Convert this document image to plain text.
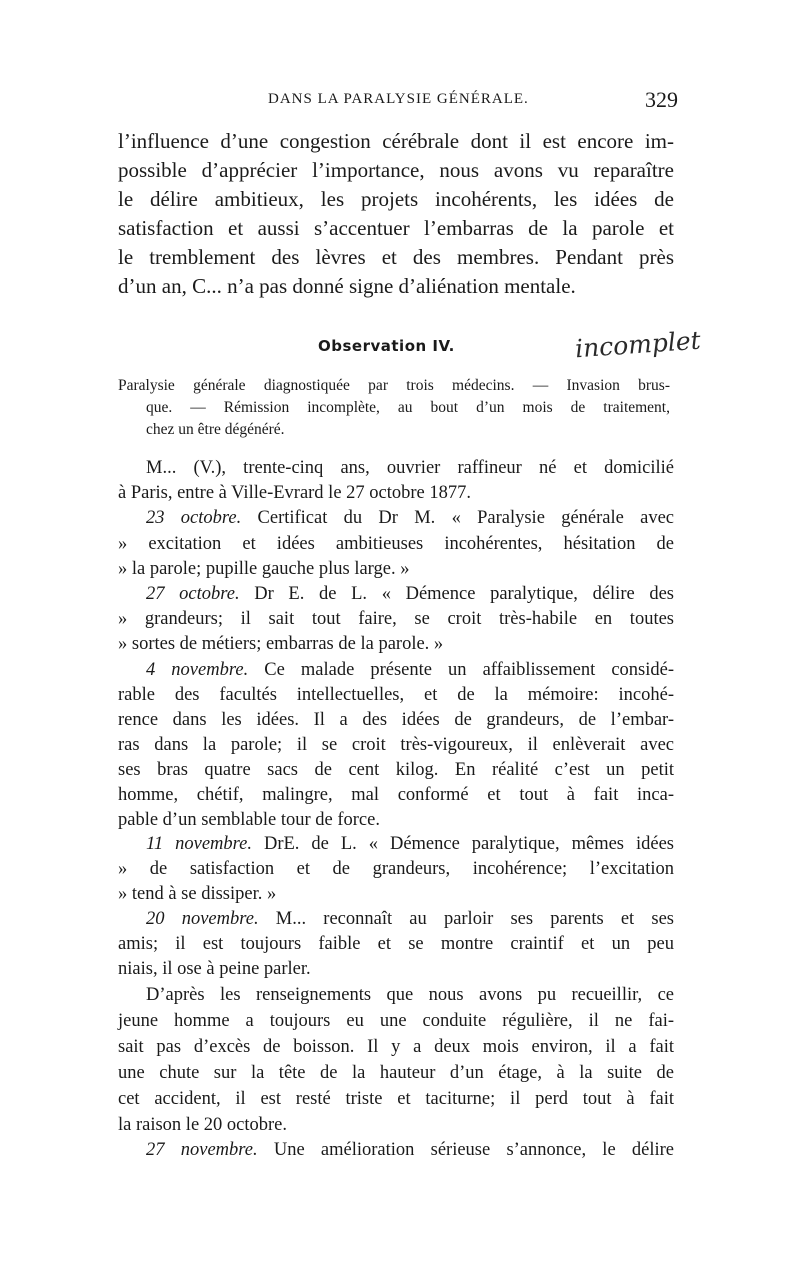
DANS LA PARALYSIE GÉNÉRALE.	329
l’influence d’une congestion cérébrale dont il est encore im-
possible d’apprécier l’importance, nous avons vu reparaître
le délire ambitieux, les projets incohérents, les idées de
satisfaction et aussi s’accentuer l’embarras de la parole et
le tremblement des lèvres et des membres. Pendant près
d’un an, C... n’a pas donné signe d’aliénation mentale.
Observation IV.	incomplet
Paralysie générale diagnostiquée par trois médecins. — Invasion brus-
que. — Rémission incomplète, au bout d’un mois de traitement,
chez un être dégénéré.
M... (V.), trente-cinq ans, ouvrier raffineur né et domicilié
à Paris, entre à Ville-Evrard le 27 octobre 1877.
23 octobre. Certificat du Dr M. « Paralysie générale avec
» excitation et idées ambitieuses incohérentes, hésitation de
» la parole; pupille gauche plus large. »
27 octobre. Dr E. de L. « Démence paralytique, délire des
» grandeurs; il sait tout faire, se croit très-habile en toutes
» sortes de métiers; embarras de la parole. »
4 novembre. Ce malade présente un affaiblissement considé-
rable des facultés intellectuelles, et de la mémoire: incohé-
rence dans les idées. Il a des idées de grandeurs, de l’embar-
ras dans la parole; il se croit très-vigoureux, il enlèverait avec
ses bras quatre sacs de cent kilog. En réalité c’est un petit
homme, chétif, malingre, mal conformé et tout à fait inca-
pable d’un semblable tour de force.
11 novembre. DrE. de L. « Démence paralytique, mêmes idées
» de satisfaction et de grandeurs, incohérence; l’excitation
» tend à se dissiper. »
20 novembre. M... reconnaît au parloir ses parents et ses
amis; il est toujours faible et se montre craintif et un peu
niais, il ose à peine parler.
D’après les renseignements que nous avons pu recueillir, ce
jeune homme a toujours eu une conduite régulière, il ne fai-
sait pas d’excès de boisson. Il y a deux mois environ, il a fait
une chute sur la tête de la hauteur d’un étage, à la suite de
cet accident, il est resté triste et taciturne; il perd tout à fait
la raison le 20 octobre.
27 novembre. Une amélioration sérieuse s’annonce, le délire
